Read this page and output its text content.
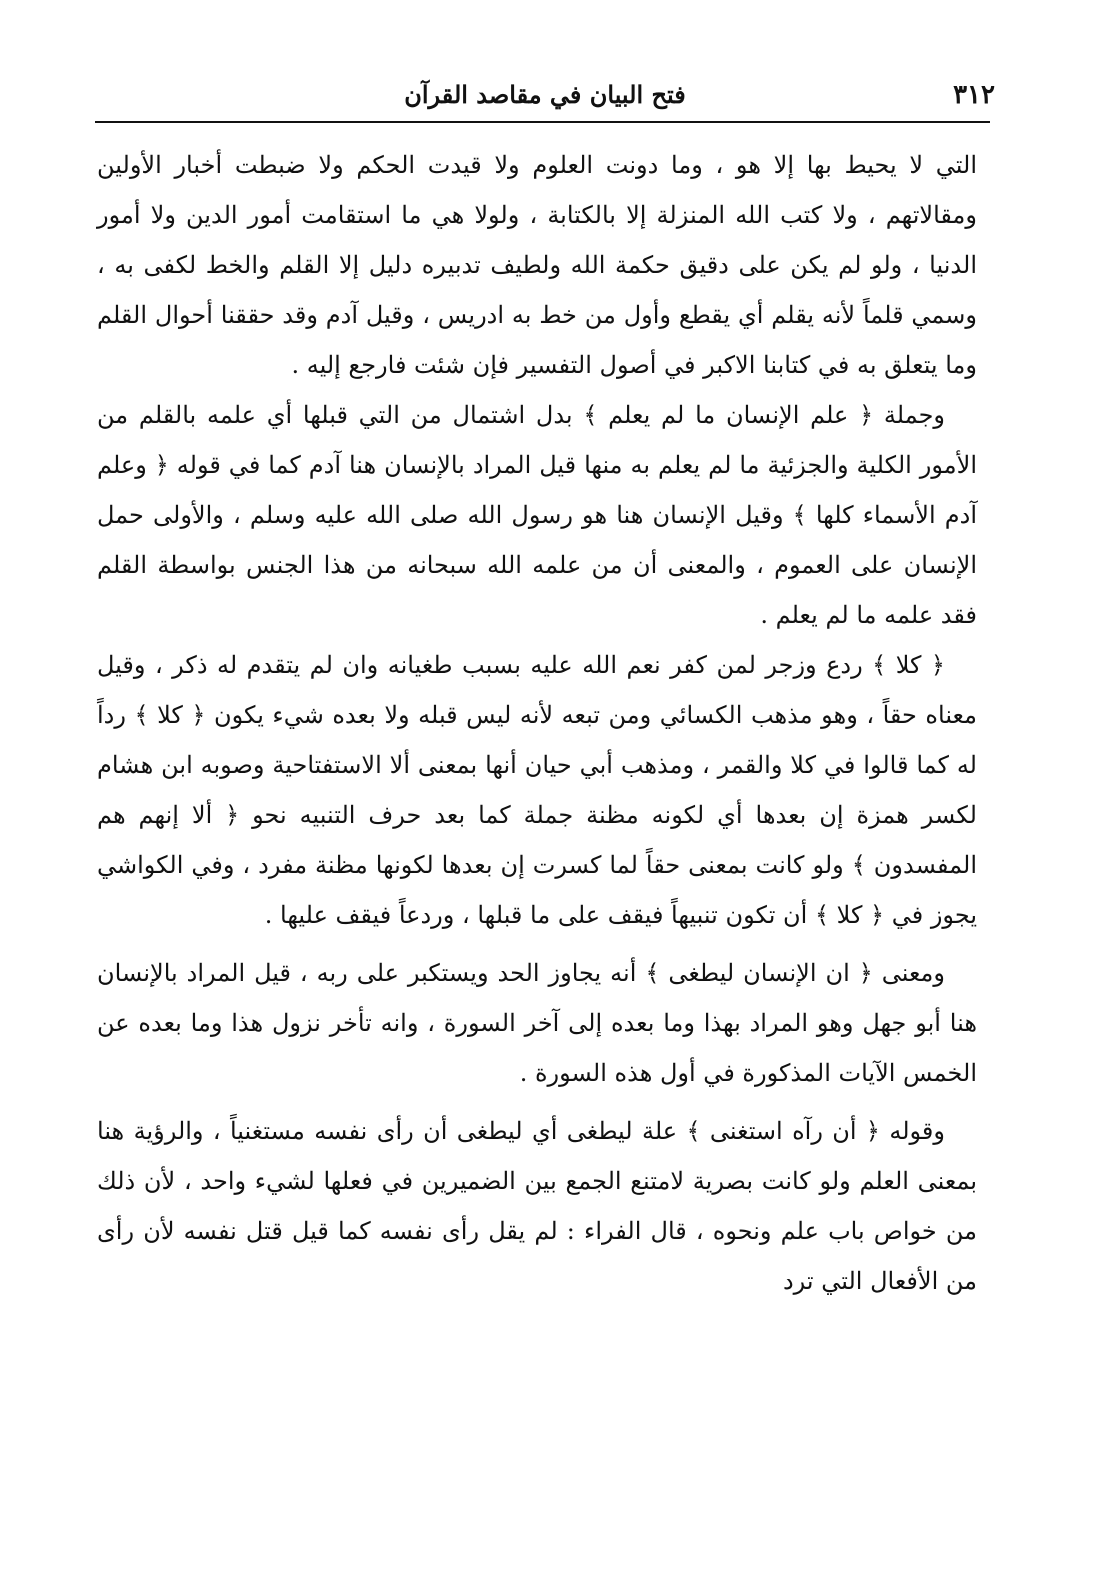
٣١٢
فتح البيان في مقاصد القرآن

التي لا يحيط بها إلا هو ، وما دونت العلوم ولا قيدت الحكم ولا ضبطت أخبار الأولين ومقالاتهم ، ولا كتب الله المنزلة إلا بالكتابة ، ولولا هي ما استقامت أمور الدين ولا أمور الدنيا ، ولو لم يكن على دقيق حكمة الله ولطيف تدبيره دليل إلا القلم والخط لكفى به ، وسمي قلماً لأنه يقلم أي يقطع وأول من خط به ادريس ، وقيل آدم وقد حققنا أحوال القلم وما يتعلق به في كتابنا الاكبر في أصول التفسير فإن شئت فارجع إليه .

وجملة ﴿ علم الإنسان ما لم يعلم ﴾ بدل اشتمال من التي قبلها أي علمه بالقلم من الأمور الكلية والجزئية ما لم يعلم به منها قيل المراد بالإنسان هنا آدم كما في قوله ﴿ وعلم آدم الأسماء كلها ﴾ وقيل الإنسان هنا هو رسول الله صلى الله عليه وسلم ، والأولى حمل الإنسان على العموم ، والمعنى أن من علمه الله سبحانه من هذا الجنس بواسطة القلم فقد علمه ما لم يعلم .

﴿ كلا ﴾ ردع وزجر لمن كفر نعم الله عليه بسبب طغيانه وان لم يتقدم له ذكر ، وقيل معناه حقاً ، وهو مذهب الكسائي ومن تبعه لأنه ليس قبله ولا بعده شيء يكون ﴿ كلا ﴾ رداً له كما قالوا في كلا والقمر ، ومذهب أبي حيان أنها بمعنى ألا الاستفتاحية وصوبه ابن هشام لكسر همزة إن بعدها أي لكونه مظنة جملة كما بعد حرف التنبيه نحو ﴿ ألا إنهم هم المفسدون ﴾ ولو كانت بمعنى حقاً لما كسرت إن بعدها لكونها مظنة مفرد ، وفي الكواشي يجوز في ﴿ كلا ﴾ أن تكون تنبيهاً فيقف على ما قبلها ، وردعاً فيقف عليها .

ومعنى ﴿ ان الإنسان ليطغى ﴾ أنه يجاوز الحد ويستكبر على ربه ، قيل المراد بالإنسان هنا أبو جهل وهو المراد بهذا وما بعده إلى آخر السورة ، وانه تأخر نزول هذا وما بعده عن الخمس الآيات المذكورة في أول هذه السورة .

وقوله ﴿ أن رآه استغنى ﴾ علة ليطغى أي ليطغى أن رأى نفسه مستغنياً ، والرؤية هنا بمعنى العلم ولو كانت بصرية لامتنع الجمع بين الضميرين في فعلها لشيء واحد ، لأن ذلك من خواص باب علم ونحوه ، قال الفراء : لم يقل رأى نفسه كما قيل قتل نفسه لأن رأى من الأفعال التي ترد
